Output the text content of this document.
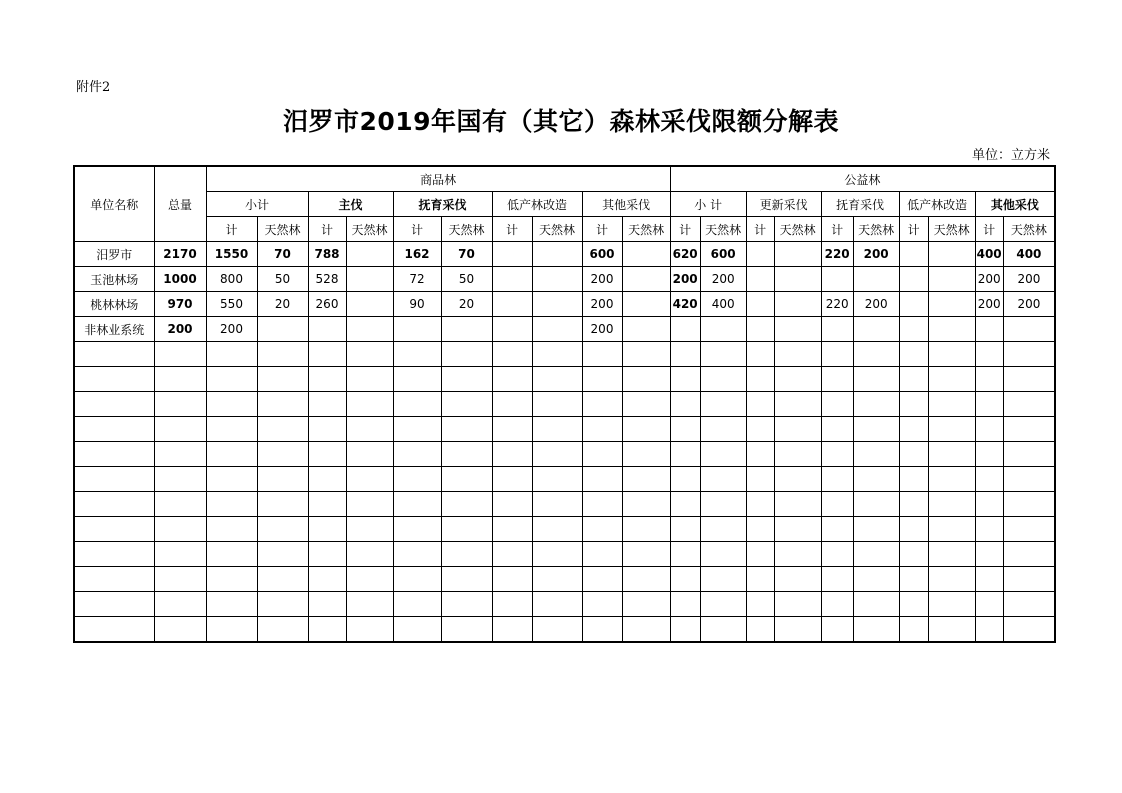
附件2
汨罗市2019年国有（其它）森林采伐限额分解表
单位：立方米
单位名称	总量	商品林										公益林									
		小计		主伐		抚育采伐		低产林改造		其他采伐		小 计		更新采伐		抚育采伐		低产林改造		其他采伐	
		计	天然林	计	天然林	计	天然林	计	天然林	计	天然林	计	天然林	计	天然林	计	天然林	计	天然林	计	天然林
汨罗市	2170	1550	70	788		162	70			600		620	600			220	200			400	400
玉池林场	1000	800	50	528		72	50			200		200	200							200	200
桃林林场	970	550	20	260		90	20			200		420	400			220	200			200	200
非林业系统	200	200								200											
